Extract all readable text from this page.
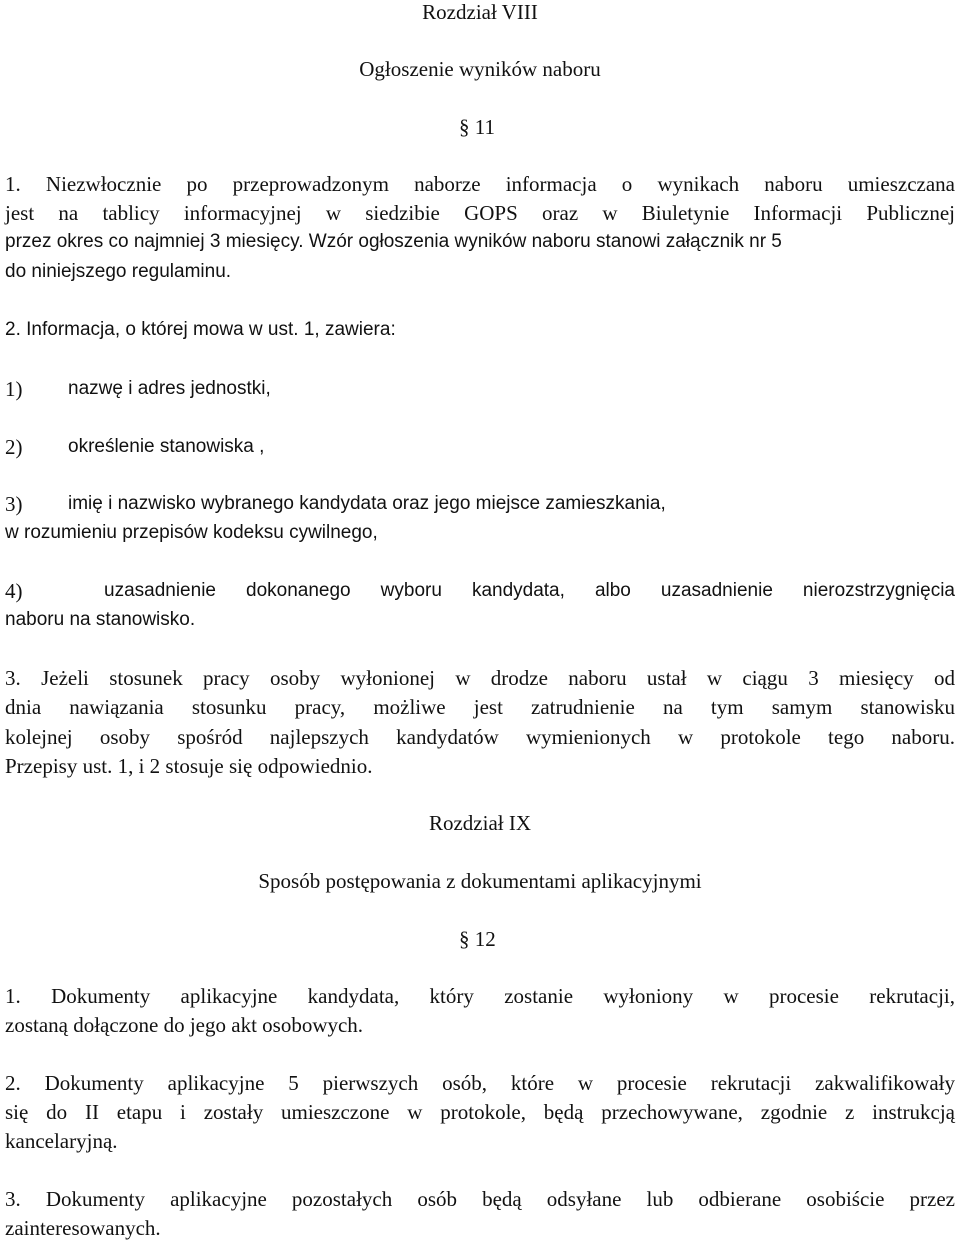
Rozdział VIII
Ogłoszenie wyników naboru
§ 11
1. Niezwłocznie po przeprowadzonym naborze informacja o wynikach naboru umieszczana
jest na tablicy informacyjnej w siedzibie GOPS oraz w Biuletynie Informacji Publicznej
przez okres co najmniej 3 miesięcy. Wzór ogłoszenia wyników naboru stanowi załącznik nr 5
do niniejszego regulaminu.
2. Informacja, o której mowa w ust. 1, zawiera:
1) nazwę i adres jednostki,
2) określenie stanowiska ,
3) imię i nazwisko wybranego kandydata oraz jego miejsce zamieszkania,
w rozumieniu przepisów kodeksu cywilnego,
4)	uzasadnienie dokonanego wyboru kandydata, albo uzasadnienie nierozstrzygnięcia
naboru na stanowisko.
3. Jeżeli stosunek pracy osoby wyłonionej w drodze naboru ustał w ciągu 3 miesięcy od
dnia nawiązania stosunku pracy, możliwe jest zatrudnienie na tym samym stanowisku
kolejnej osoby spośród najlepszych kandydatów wymienionych w protokole tego naboru.
Przepisy ust. 1, i 2 stosuje się odpowiednio.
Rozdział IX
Sposób postępowania z dokumentami aplikacyjnymi
§ 12
1. Dokumenty aplikacyjne kandydata, który zostanie wyłoniony w procesie rekrutacji,
zostaną dołączone do jego akt osobowych.
2. Dokumenty aplikacyjne 5 pierwszych osób, które w procesie rekrutacji zakwalifikowały
się do II etapu i zostały umieszczone w protokole, będą przechowywane, zgodnie z instrukcją
kancelaryjną.
3. Dokumenty aplikacyjne pozostałych osób będą odsyłane lub odbierane osobiście przez
zainteresowanych.
